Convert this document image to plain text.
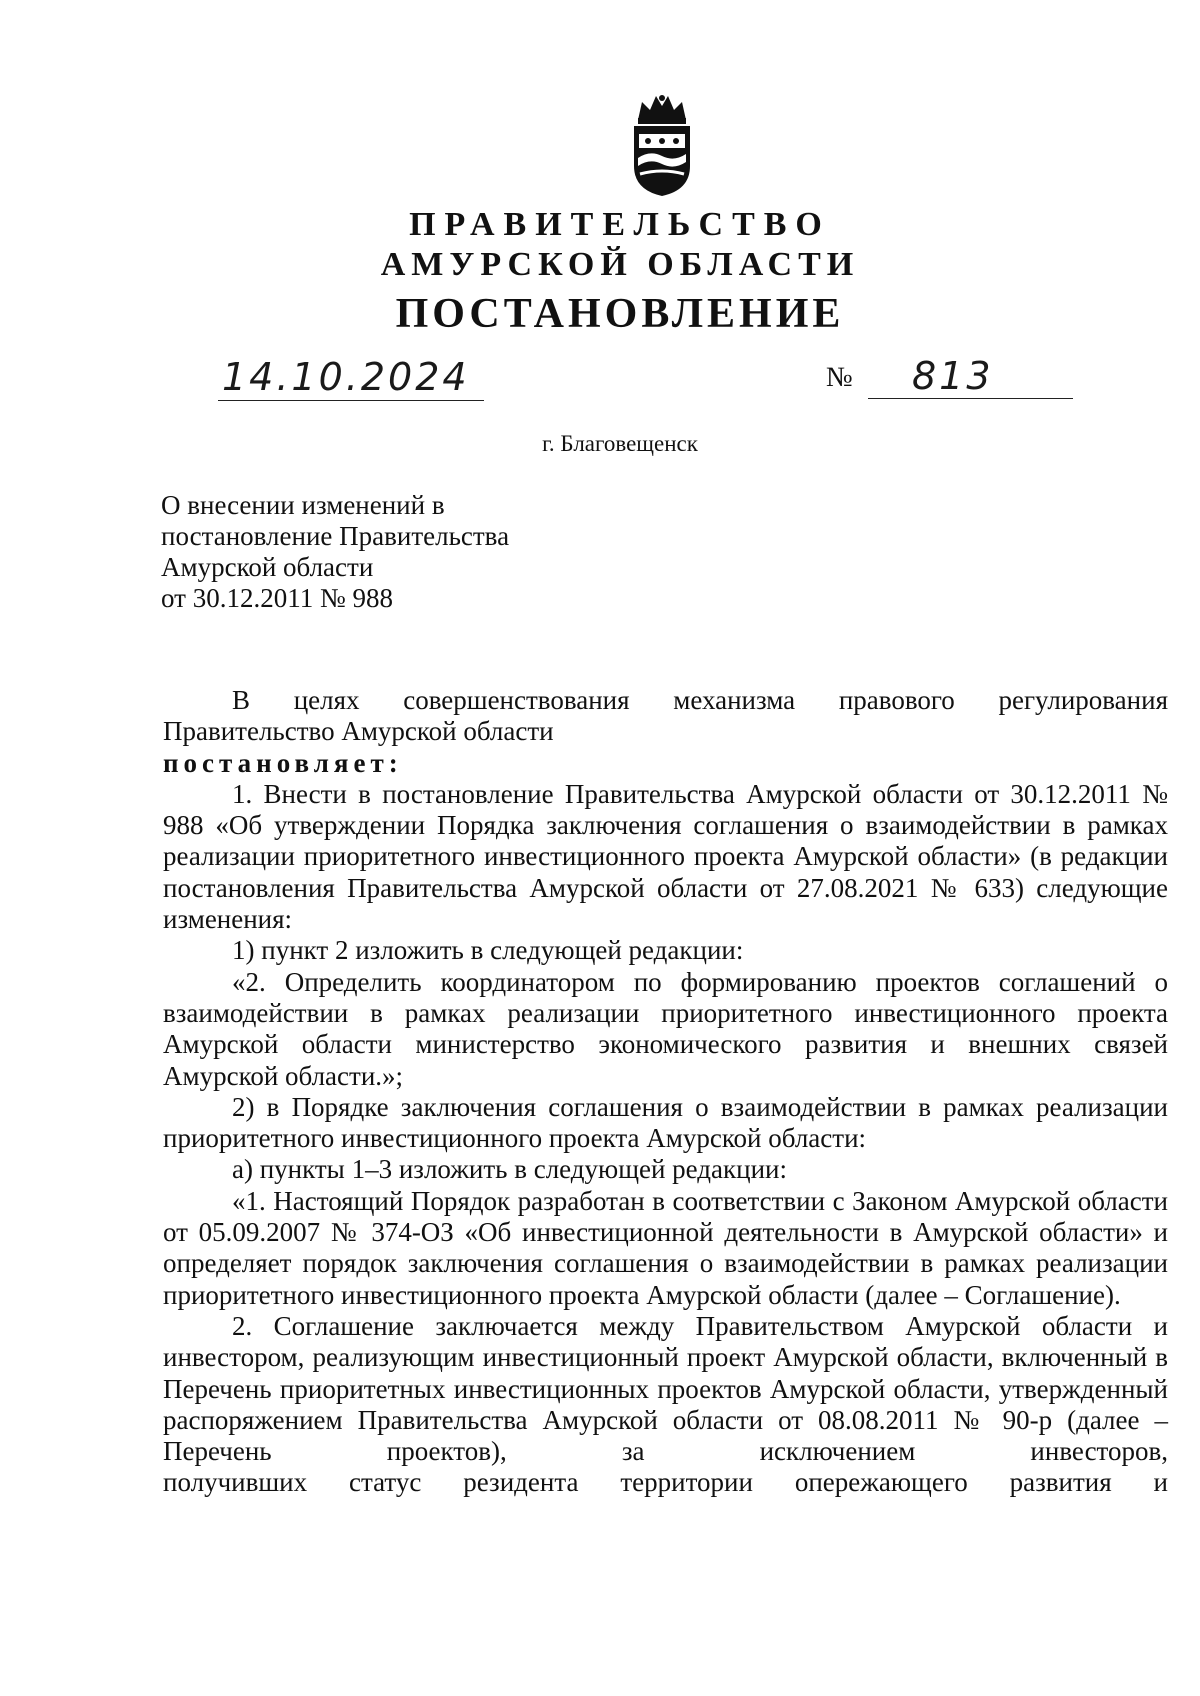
ПРАВИТЕЛЬСТВО
АМУРСКОЙ ОБЛАСТИ
ПОСТАНОВЛЕНИЕ
14.10.2024	№ 813
г. Благовещенск
О внесении изменений в
постановление Правительства
Амурской области
от 30.12.2011 № 988

В целях совершенствования механизма правового регулирования

Правительство Амурской области

постановляет:

1. Внести в постановление Правительства Амурской области от 30.12.2011 № 988 «Об утверждении Порядка заключения соглашения о взаимодействии в рамках реализации приоритетного инвестиционного проекта Амурской области» (в редакции постановления Правительства Амурской области от 27.08.2021 № 633) следующие изменения:

1) пункт 2 изложить в следующей редакции:

«2. Определить координатором по формированию проектов соглашений о взаимодействии в рамках реализации приоритетного инвестиционного проекта Амурской области министерство экономического развития и внешних связей Амурской области.»;

2) в Порядке заключения соглашения о взаимодействии в рамках реализации приоритетного инвестиционного проекта Амурской области:

а) пункты 1–3 изложить в следующей редакции:

«1. Настоящий Порядок разработан в соответствии с Законом Амурской области от 05.09.2007 № 374-ОЗ «Об инвестиционной деятельности в Амурской области» и определяет порядок заключения соглашения о взаимодействии в рамках реализации приоритетного инвестиционного проекта Амурской области (далее – Соглашение).

2. Соглашение заключается между Правительством Амурской области и инвестором, реализующим инвестиционный проект Амурской области, включенный в Перечень приоритетных инвестиционных проектов Амурской области, утвержденный распоряжением Правительства Амурской области от 08.08.2011 № 90-р (далее – Перечень проектов), за исключением инвесторов,

получивших статус резидента территории опережающего развития и
